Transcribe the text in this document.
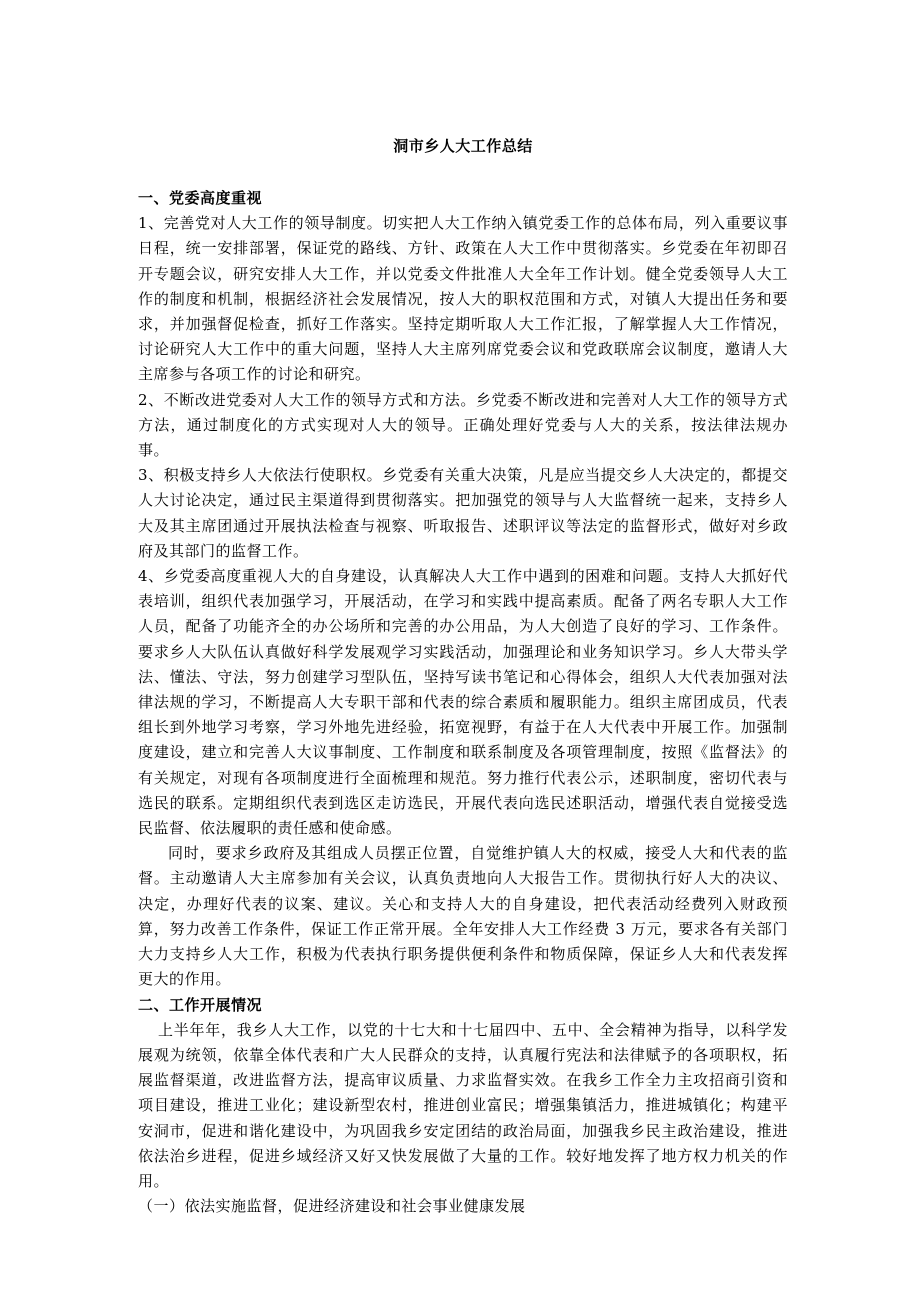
洞市乡人大工作总结
一、党委高度重视

1、完善党对人大工作的领导制度。切实把人大工作纳入镇党委工作的总体布局，列入重要议事日程，统一安排部署，保证党的路线、方针、政策在人大工作中贯彻落实。乡党委在年初即召开专题会议，研究安排人大工作，并以党委文件批准人大全年工作计划。健全党委领导人大工作的制度和机制，根据经济社会发展情况，按人大的职权范围和方式，对镇人大提出任务和要求，并加强督促检查，抓好工作落实。坚持定期听取人大工作汇报，了解掌握人大工作情况，讨论研究人大工作中的重大问题，坚持人大主席列席党委会议和党政联席会议制度，邀请人大主席参与各项工作的讨论和研究。

2、不断改进党委对人大工作的领导方式和方法。乡党委不断改进和完善对人大工作的领导方式方法，通过制度化的方式实现对人大的领导。正确处理好党委与人大的关系，按法律法规办事。

3、积极支持乡人大依法行使职权。乡党委有关重大决策，凡是应当提交乡人大决定的，都提交人大讨论决定，通过民主渠道得到贯彻落实。把加强党的领导与人大监督统一起来，支持乡人大及其主席团通过开展执法检查与视察、听取报告、述职评议等法定的监督形式，做好对乡政府及其部门的监督工作。

4、乡党委高度重视人大的自身建设，认真解决人大工作中遇到的困难和问题。支持人大抓好代表培训，组织代表加强学习，开展活动，在学习和实践中提高素质。配备了两名专职人大工作人员，配备了功能齐全的办公场所和完善的办公用品，为人大创造了良好的学习、工作条件。要求乡人大队伍认真做好科学发展观学习实践活动，加强理论和业务知识学习。乡人大带头学法、懂法、守法，努力创建学习型队伍，坚持写读书笔记和心得体会，组织人大代表加强对法律法规的学习，不断提高人大专职干部和代表的综合素质和履职能力。组织主席团成员，代表组长到外地学习考察，学习外地先进经验，拓宽视野，有益于在人大代表中开展工作。加强制度建设，建立和完善人大议事制度、工作制度和联系制度及各项管理制度，按照《监督法》的有关规定，对现有各项制度进行全面梳理和规范。努力推行代表公示，述职制度，密切代表与选民的联系。定期组织代表到选区走访选民，开展代表向选民述职活动，增强代表自觉接受选民监督、依法履职的责任感和使命感。

同时，要求乡政府及其组成人员摆正位置，自觉维护镇人大的权威，接受人大和代表的监督。主动邀请人大主席参加有关会议，认真负责地向人大报告工作。贯彻执行好人大的决议、决定，办理好代表的议案、建议。关心和支持人大的自身建设，把代表活动经费列入财政预算，努力改善工作条件，保证工作正常开展。全年安排人大工作经费 3 万元，要求各有关部门大力支持乡人大工作，积极为代表执行职务提供便利条件和物质保障，保证乡人大和代表发挥更大的作用。

二、工作开展情况

上半年年，我乡人大工作，以党的十七大和十七届四中、五中、全会精神为指导，以科学发展观为统领，依靠全体代表和广大人民群众的支持，认真履行宪法和法律赋予的各项职权，拓展监督渠道，改进监督方法，提高审议质量、力求监督实效。在我乡工作全力主攻招商引资和项目建设，推进工业化；建设新型农村，推进创业富民；增强集镇活力，推进城镇化；构建平安洞市，促进和谐化建设中，为巩固我乡安定团结的政治局面，加强我乡民主政治建设，推进依法治乡进程，促进乡域经济又好又快发展做了大量的工作。较好地发挥了地方权力机关的作用。

（一）依法实施监督，促进经济建设和社会事业健康发展
